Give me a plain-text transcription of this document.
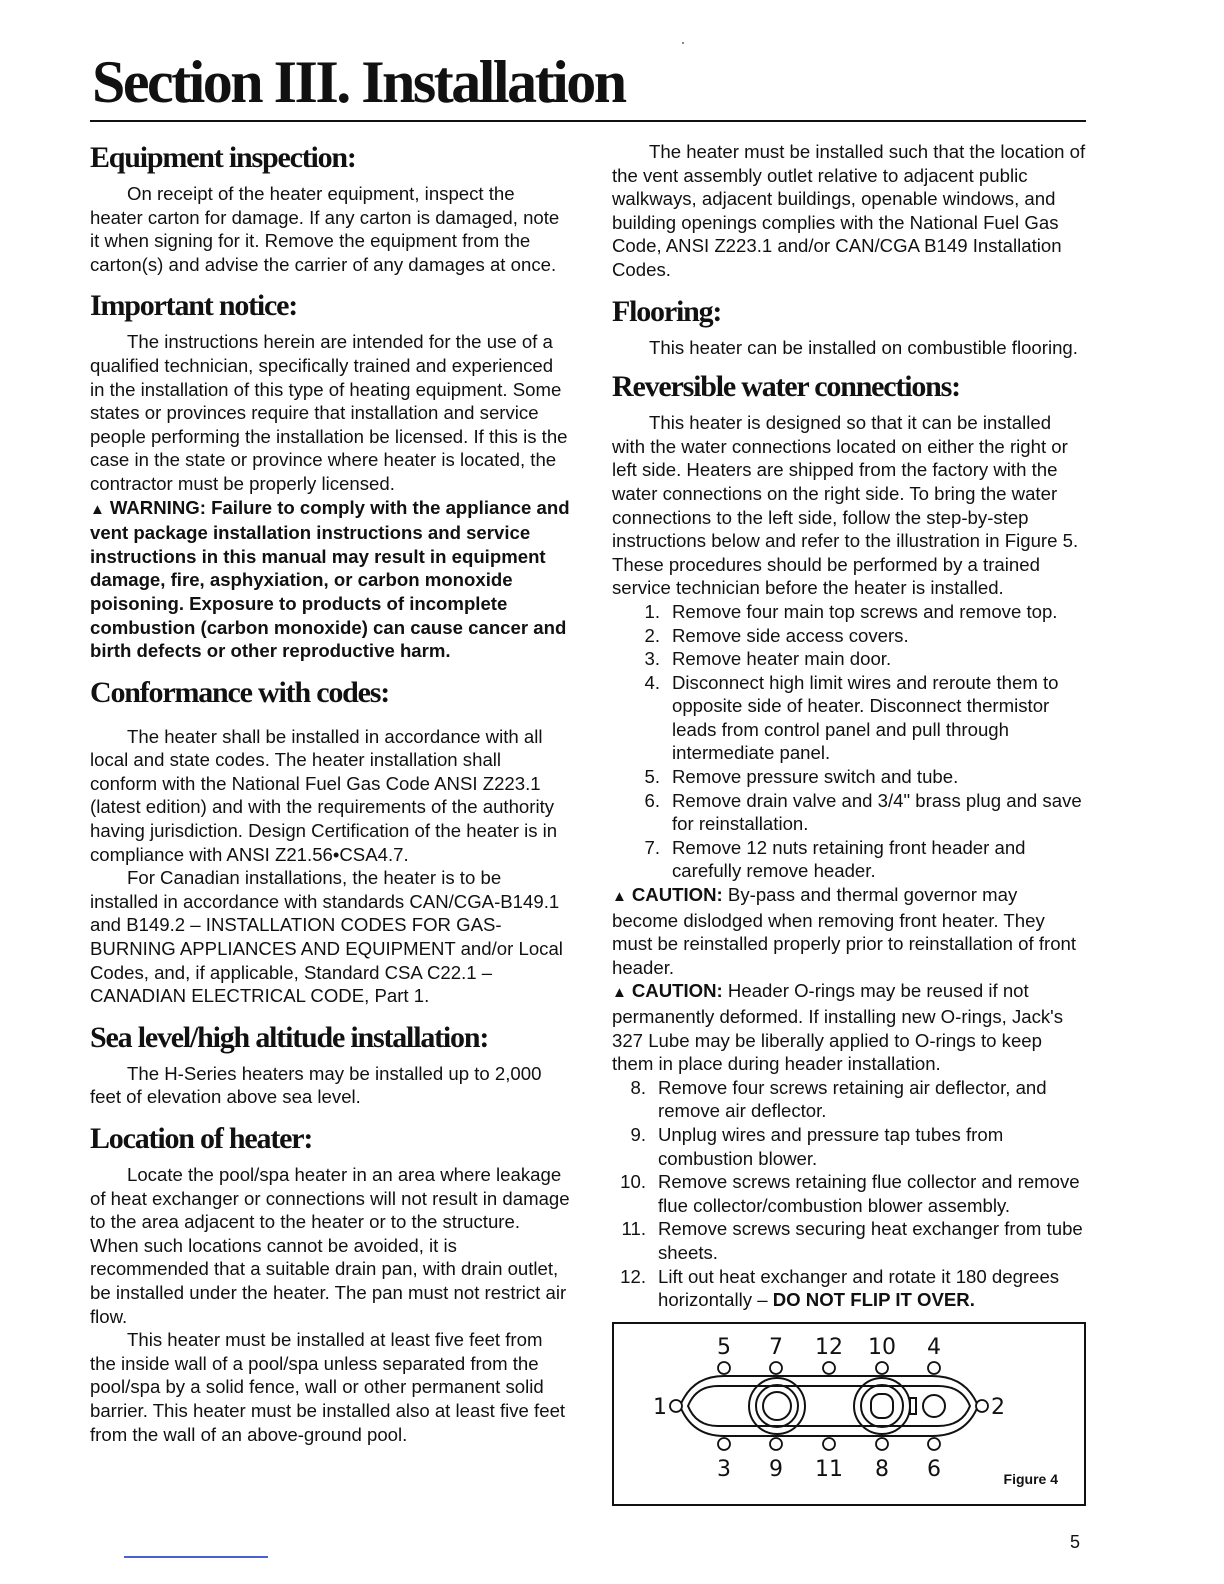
Section III. Installation
Equipment inspection:

On receipt of the heater equipment, inspect the heater carton for damage. If any carton is damaged, note it when signing for it. Remove the equipment from the carton(s) and advise the carrier of any damages at once.

Important notice:

The instructions herein are intended for the use of a qualified technician, specifically trained and experienced in the installation of this type of heating equipment. Some states or provinces require that installation and service people performing the installation be licensed. If this is the case in the state or province where heater is located, the contractor must be properly licensed.

▲ WARNING: Failure to comply with the appliance and vent package installation instructions and service instructions in this manual may result in equipment damage, fire, asphyxiation, or carbon monoxide poisoning. Exposure to products of incomplete combustion (carbon monoxide) can cause cancer and birth defects or other reproductive harm.

Conformance with codes:

The heater shall be installed in accordance with all local and state codes. The heater installation shall conform with the National Fuel Gas Code ANSI Z223.1 (latest edition) and with the requirements of the authority having jurisdiction. Design Certification of the heater is in compliance with ANSI Z21.56•CSA4.7.

For Canadian installations, the heater is to be installed in accordance with standards CAN/CGA-B149.1 and B149.2 – INSTALLATION CODES FOR GAS-BURNING APPLIANCES AND EQUIPMENT and/or Local Codes, and, if applicable, Standard CSA C22.1 – CANADIAN ELECTRICAL CODE, Part 1.

Sea level/high altitude installation:

The H-Series heaters may be installed up to 2,000 feet of elevation above sea level.

Location of heater:

Locate the pool/spa heater in an area where leakage of heat exchanger or connections will not result in damage to the area adjacent to the heater or to the structure. When such locations cannot be avoided, it is recommended that a suitable drain pan, with drain outlet, be installed under the heater. The pan must not restrict air flow.

This heater must be installed at least five feet from the inside wall of a pool/spa unless separated from the pool/spa by a solid fence, wall or other permanent solid barrier. This heater must be installed also at least five feet from the wall of an above-ground pool.

The heater must be installed such that the location of the vent assembly outlet relative to adjacent public walkways, adjacent buildings, openable windows, and building openings complies with the National Fuel Gas Code, ANSI Z223.1 and/or CAN/CGA B149 Installation Codes.

Flooring:

This heater can be installed on combustible flooring.

Reversible water connections:

This heater is designed so that it can be installed with the water connections located on either the right or left side. Heaters are shipped from the factory with the water connections on the right side. To bring the water connections to the left side, follow the step-by-step instructions below and refer to the illustration in Figure 5. These procedures should be performed by a trained service technician before the heater is installed.

1. Remove four main top screws and remove top.
2. Remove side access covers.
3. Remove heater main door.
4. Disconnect high limit wires and reroute them to opposite side of heater. Disconnect thermistor leads from control panel and pull through intermediate panel.
5. Remove pressure switch and tube.
6. Remove drain valve and 3/4" brass plug and save for reinstallation.
7. Remove 12 nuts retaining front header and carefully remove header.

▲ CAUTION: By-pass and thermal governor may become dislodged when removing front heater. They must be reinstalled properly prior to reinstallation of front header.

▲ CAUTION: Header O-rings may be reused if not permanently deformed. If installing new O-rings, Jack's 327 Lube may be liberally applied to O-rings to keep them in place during header installation.

8. Remove four screws retaining air deflector, and remove air deflector.
9. Unplug wires and pressure tap tubes from combustion blower.
10. Remove screws retaining flue collector and remove flue collector/combustion blower assembly.
11. Remove screws securing heat exchanger from tube sheets.
12. Lift out heat exchanger and rotate it 180 degrees horizontally – DO NOT FLIP IT OVER.
5 7 12 10 4
3 9 11 8 6
1	2
Figure 4
5
